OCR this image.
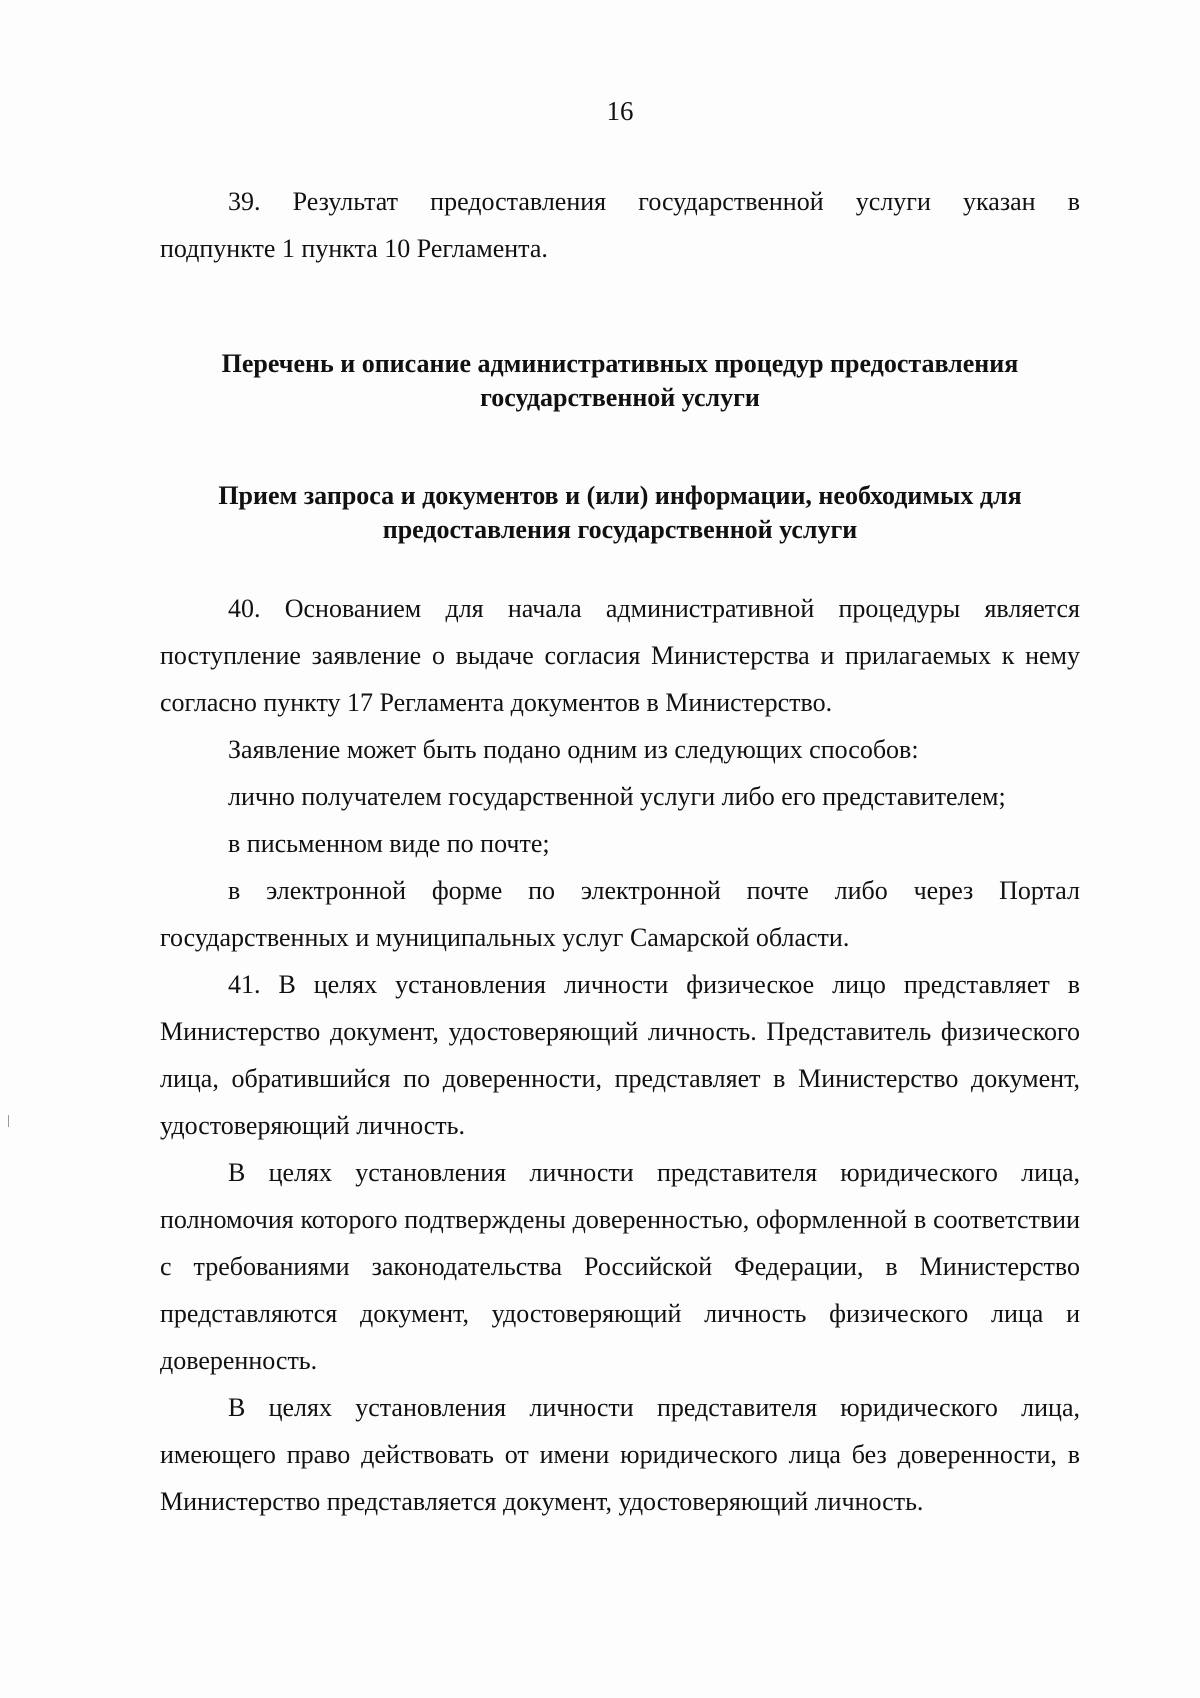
16
39. Результат предоставления государственной услуги указан в
подпункте 1 пункта 10 Регламента.
Перечень и описание административных процедур предоставления
государственной услуги
Прием запроса и документов и (или) информации, необходимых для
предоставления государственной услуги
40. Основанием для начала административной процедуры является поступление заявление о выдаче согласия Министерства и прилагаемых к нему согласно пункту 17 Регламента документов в Министерство.
Заявление может быть подано одним из следующих способов:
лично получателем государственной услуги либо его представителем;
в письменном виде по почте;
в электронной форме по электронной почте либо через Портал государственных и муниципальных услуг Самарской области.
41. В целях установления личности физическое лицо представляет в Министерство документ, удостоверяющий личность. Представитель физического лица, обратившийся по доверенности, представляет в Министерство документ, удостоверяющий личность.
В целях установления личности представителя юридического лица, полномочия которого подтверждены доверенностью, оформленной в соответствии с требованиями законодательства Российской Федерации, в Министерство представляются документ, удостоверяющий личность физического лица и доверенность.
В целях установления личности представителя юридического лица, имеющего право действовать от имени юридического лица без доверенности, в Министерство представляется документ, удостоверяющий личность.
